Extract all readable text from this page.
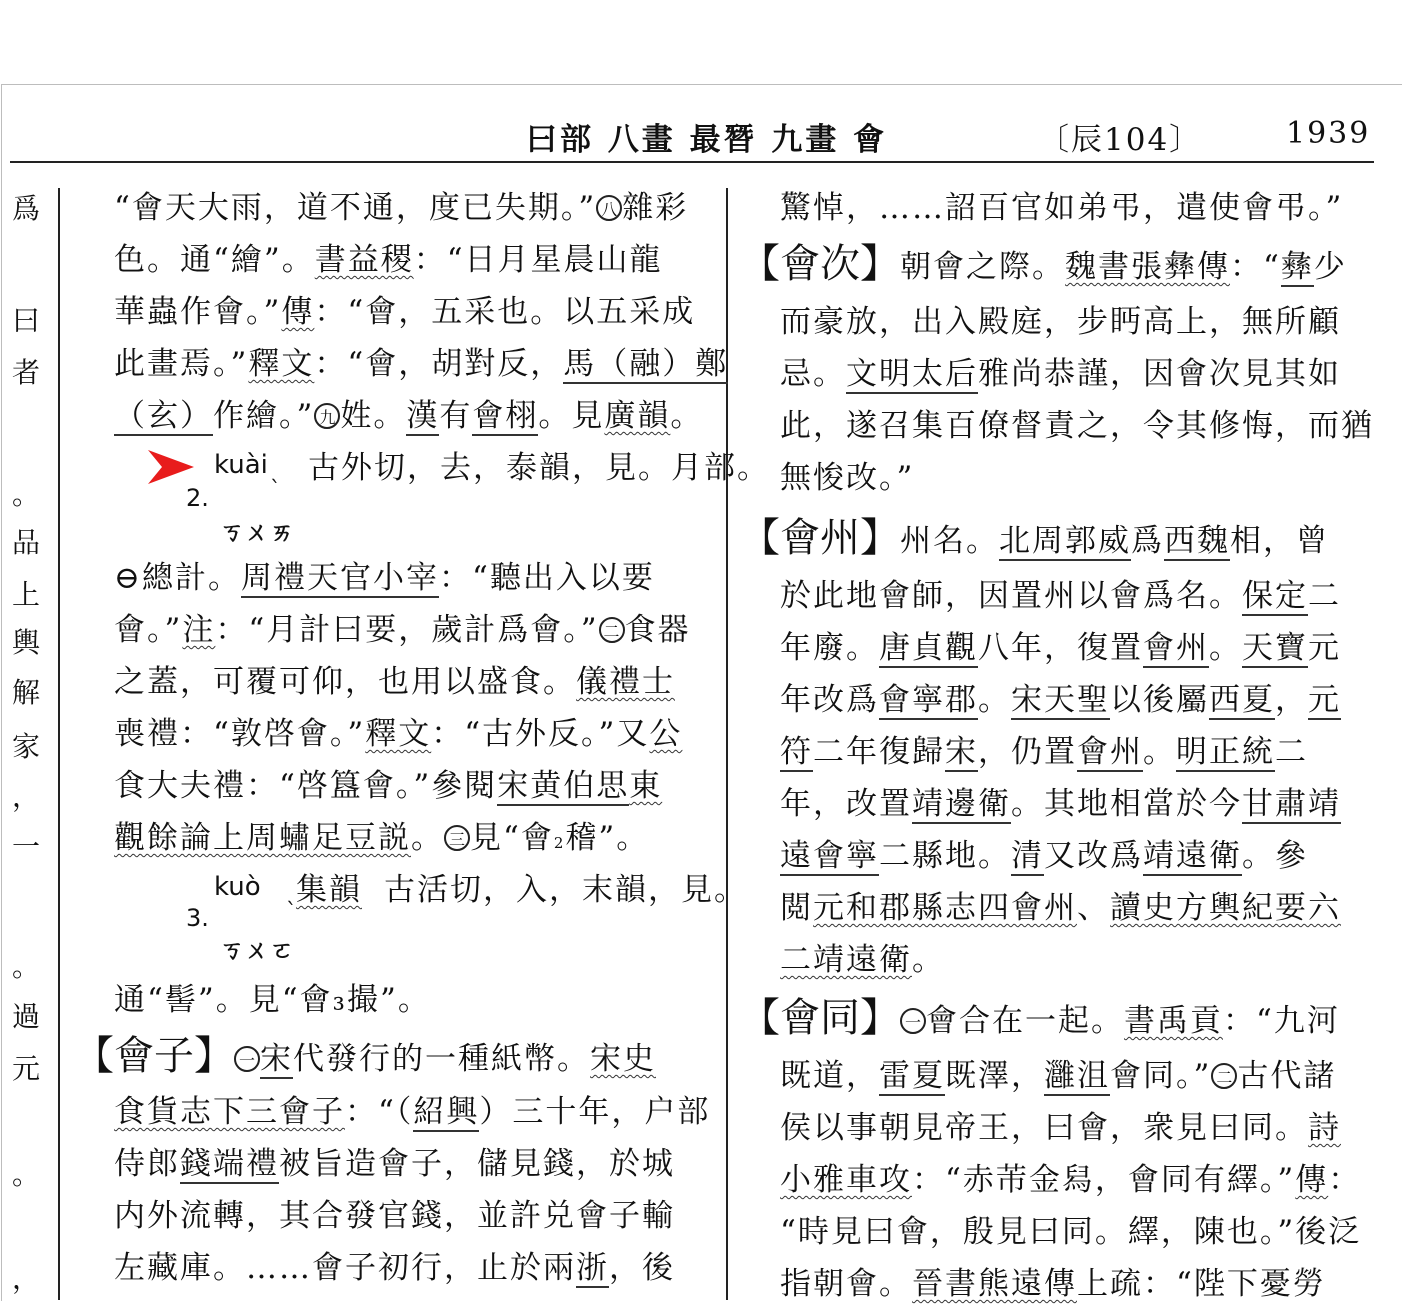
曰部 八畫 最朁 九畫 會	〔辰104〕	1939
爲
曰
者
。
品
上
輿
解
家
，
一
。
過
元
。
，
“會天大雨，道不通，度已失期。” 八 雜彩
色。通“繪”。書益稷：“日月星晨山龍
華蟲作會。”傳：“會，五采也。以五采成
此畫焉。”釋文：“會，胡對反，馬（融）鄭
（玄）作繪。” 九 姓。漢有會栩。見廣韻。
kuài 古外切，去，泰韻，見。月部。
2.	ˋ
ㄎㄨㄞ
⊖總計。周禮天官小宰：“聽出入以要
會。”注：“月計曰要，歲計爲會。” 二 食器
之蓋，可覆可仰，也用以盛食。儀禮士
喪禮：“敦啓會。”釋文：“古外反。”又公
食大夫禮：“啓簋會。”參閱宋黄伯思東
觀餘論上周蟰足豆説。 三 見“會2稽”。
kuò 集韻 古活切，入，末韻，見。
3.	ˋ
ㄎㄨㄛ
通“髻”。見“會₃撮”。
【會子】 一 宋代發行的一種紙幣。宋史
食貨志下三會子：“（紹興）三十年，户部
侍郎錢端禮被旨造會子，儲見錢，於城
内外流轉，其合發官錢，並許兑會子輸
左藏庫。……會子初行，止於兩浙，後
驚悼，……詔百官如弟弔，遣使會弔。”
【會次】朝會之際。魏書張彝傳：“彝少
而豪放，出入殿庭，步眄高上，無所顧
忌。文明太后雅尚恭謹，因會次見其如
此，遂召集百僚督責之，令其修悔，而猶
無悛改。”
【會州】州名。北周郭威爲西魏相，曾
於此地會師，因置州以會爲名。保定二
年廢。唐貞觀八年，復置會州。天寶元
年改爲會寧郡。宋天聖以後屬西夏，元
符二年復歸宋，仍置會州。明正統二
年，改置靖邊衛。其地相當於今甘肅靖
遠會寧二縣地。清又改爲靖遠衛。參
閲元和郡縣志四會州、讀史方輿紀要六
二靖遠衛。
【會同】 一 會合在一起。書禹貢：“九河
既道，雷夏既澤，灉沮會同。” 二 古代諸
侯以事朝見帝王，曰會，衆見曰同。詩
小雅車攻：“赤芾金舄，會同有繹。”傳：
“時見曰會，殷見曰同。繹，陳也。”後泛
指朝會。晉書熊遠傳上疏：“陛下憂勞
